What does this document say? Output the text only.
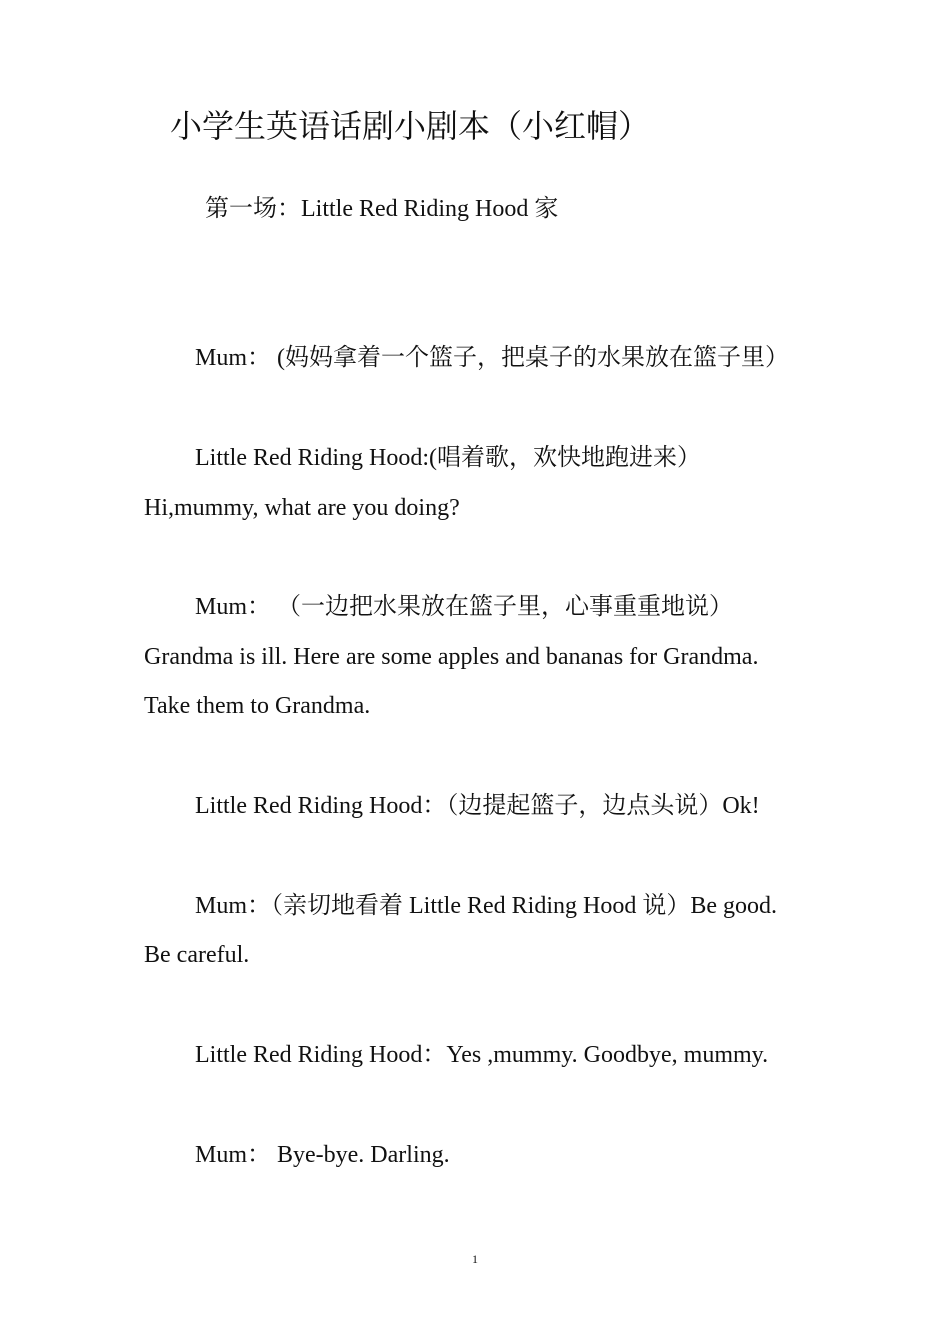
小学生英语话剧小剧本（小红帽）
第一场：Little Red Riding Hood 家
Mum： (妈妈拿着一个篮子，把桌子的水果放在篮子里）
Little Red Riding Hood:(唱着歌，欢快地跑进来）
Hi,mummy, what are you doing?
Mum： （一边把水果放在篮子里，心事重重地说）
Grandma is ill. Here are some apples and bananas for Grandma.
Take them to Grandma.
Little Red Riding Hood：（边提起篮子，边点头说）Ok!
Mum：（亲切地看着 Little Red Riding Hood 说）Be good.
Be careful.
Little Red Riding Hood：Yes ,mummy. Goodbye, mummy.
Mum： Bye-bye. Darling.
1
